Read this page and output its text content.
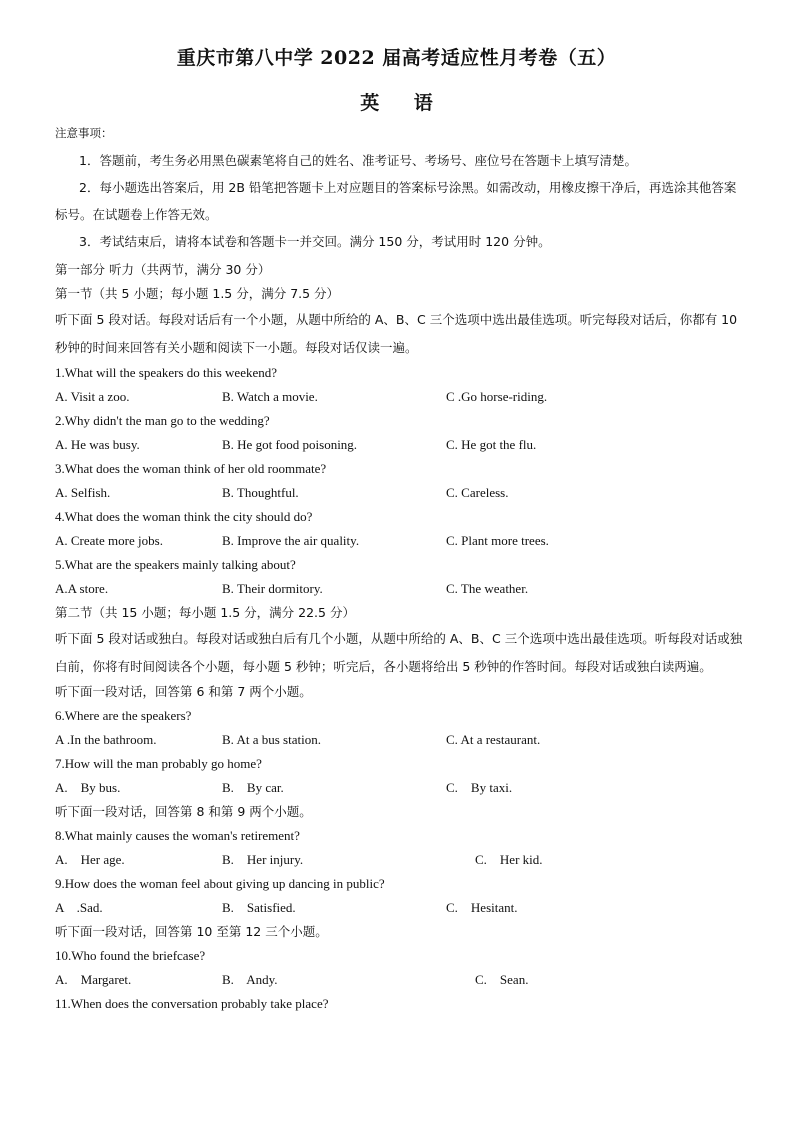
重庆市第八中学 2022 届高考适应性月考卷（五）
英 语
注意事项：
1．答题前，考生务必用黑色碳素笔将自己的姓名、准考证号、考场号、座位号在答题卡上填写清楚。
2．每小题选出答案后，用 2B 铅笔把答题卡上对应题目的答案标号涂黑。如需改动，用橡皮擦干净后，再选涂其他答案标号。在试题卷上作答无效。
3．考试结束后，请将本试卷和答题卡一并交回。满分 150 分，考试用时 120 分钟。
第一部分 听力（共两节，满分 30 分）
第一节（共 5 小题；每小题 1.5 分，满分 7.5 分）
听下面 5 段对话。每段对话后有一个小题，从题中所给的 A、B、C 三个选项中选出最佳选项。听完每段对话后，你都有 10 秒钟的时间来回答有关小题和阅读下一小题。每段对话仅读一遍。
1.What will the speakers do this weekend?
A. Visit a zoo.	B. Watch a movie.	C .Go horse-riding.
2.Why didn't the man go to the wedding?
A. He was busy.	B. He got food poisoning.	C. He got the flu.
3.What does the woman think of her old roommate?
A. Selfish.	B. Thoughtful.	C. Careless.
4.What does the woman think the city should do?
A. Create more jobs.	B. Improve the air quality.	C. Plant more trees.
5.What are the speakers mainly talking about?
A.A store.	B. Their dormitory.	C. The weather.
第二节（共 15 小题；每小题 1.5 分，满分 22.5 分）
听下面 5 段对话或独白。每段对话或独白后有几个小题，从题中所给的 A、B、C 三个选项中选出最佳选项。听每段对话或独白前，你将有时间阅读各个小题，每小题 5 秒钟；听完后，各小题将给出 5 秒钟的作答时间。每段对话或独白读两遍。
听下面一段对话，回答第 6 和第 7 两个小题。
6.Where are the speakers?
A .In the bathroom.	B. At a bus station.	C. At a restaurant.
7.How will the man probably go home?
A.    By bus.	B.    By car.	C.    By taxi.
听下面一段对话，回答第 8 和第 9 两个小题。
8.What mainly causes the woman's retirement?
A.    Her age.	B.    Her injury.	C.    Her kid.
9.How does the woman feel about giving up dancing in public?
A    .Sad.	B.    Satisfied.	C.    Hesitant.
听下面一段对话，回答第 10 至第 12 三个小题。
10.Who found the briefcase?
A.    Margaret.	B.    Andy.	C.    Sean.
11.When does the conversation probably take place?
